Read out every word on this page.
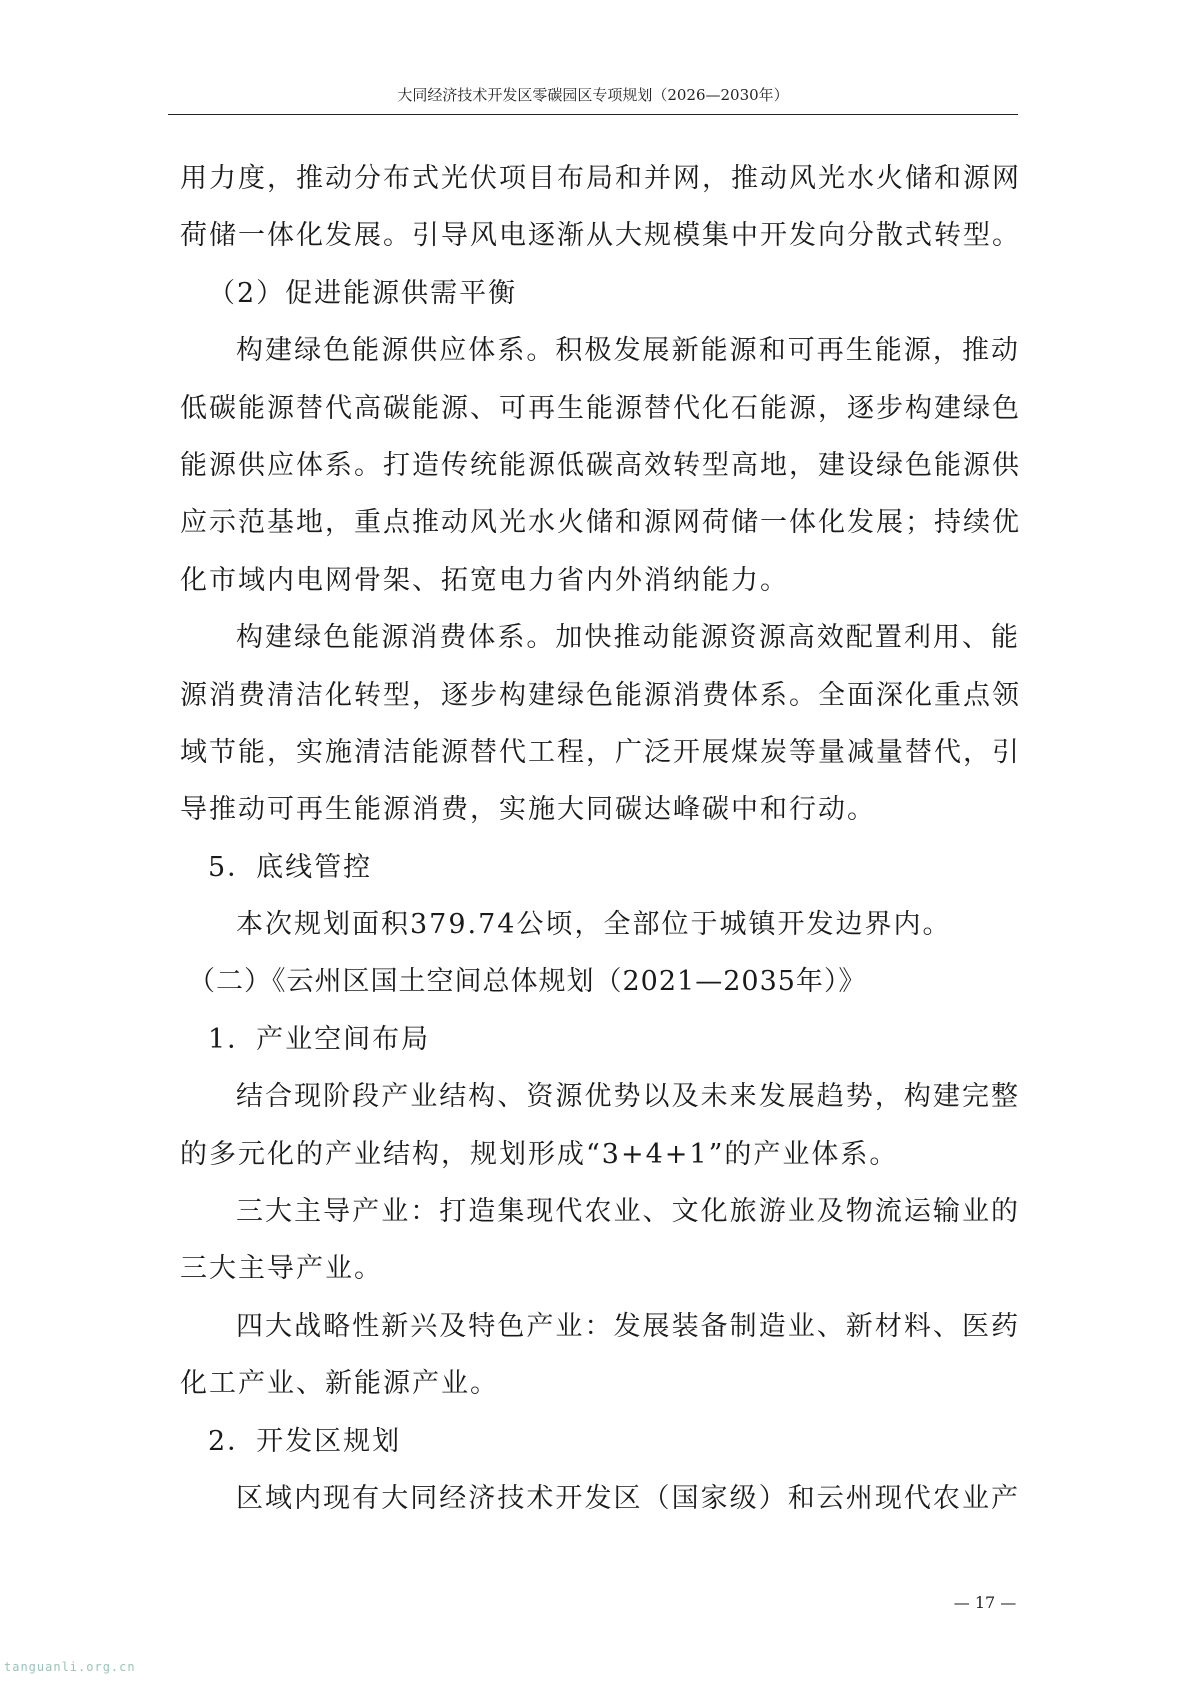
大同经济技术开发区零碳园区专项规划（2026—2030年）

用力度，推动分布式光伏项目布局和并网，推动风光水火储和源网

荷储一体化发展。引导风电逐渐从大规模集中开发向分散式转型。

（2）促进能源供需平衡

构建绿色能源供应体系。积极发展新能源和可再生能源，推动

低碳能源替代高碳能源、可再生能源替代化石能源，逐步构建绿色

能源供应体系。打造传统能源低碳高效转型高地，建设绿色能源供

应示范基地，重点推动风光水火储和源网荷储一体化发展；持续优

化市域内电网骨架、拓宽电力省内外消纳能力。

构建绿色能源消费体系。加快推动能源资源高效配置利用、能

源消费清洁化转型，逐步构建绿色能源消费体系。全面深化重点领

域节能，实施清洁能源替代工程，广泛开展煤炭等量减量替代，引

导推动可再生能源消费，实施大同碳达峰碳中和行动。

5．底线管控

本次规划面积379.74公顷，全部位于城镇开发边界内。

（二）《云州区国土空间总体规划（2021—2035年）》

1．产业空间布局

结合现阶段产业结构、资源优势以及未来发展趋势，构建完整

的多元化的产业结构，规划形成“3+4+1”的产业体系。

三大主导产业：打造集现代农业、文化旅游业及物流运输业的

三大主导产业。

四大战略性新兴及特色产业：发展装备制造业、新材料、医药

化工产业、新能源产业。

2．开发区规划

区域内现有大同经济技术开发区（国家级）和云州现代农业产

— 17 —
tanguanli.org.cn
